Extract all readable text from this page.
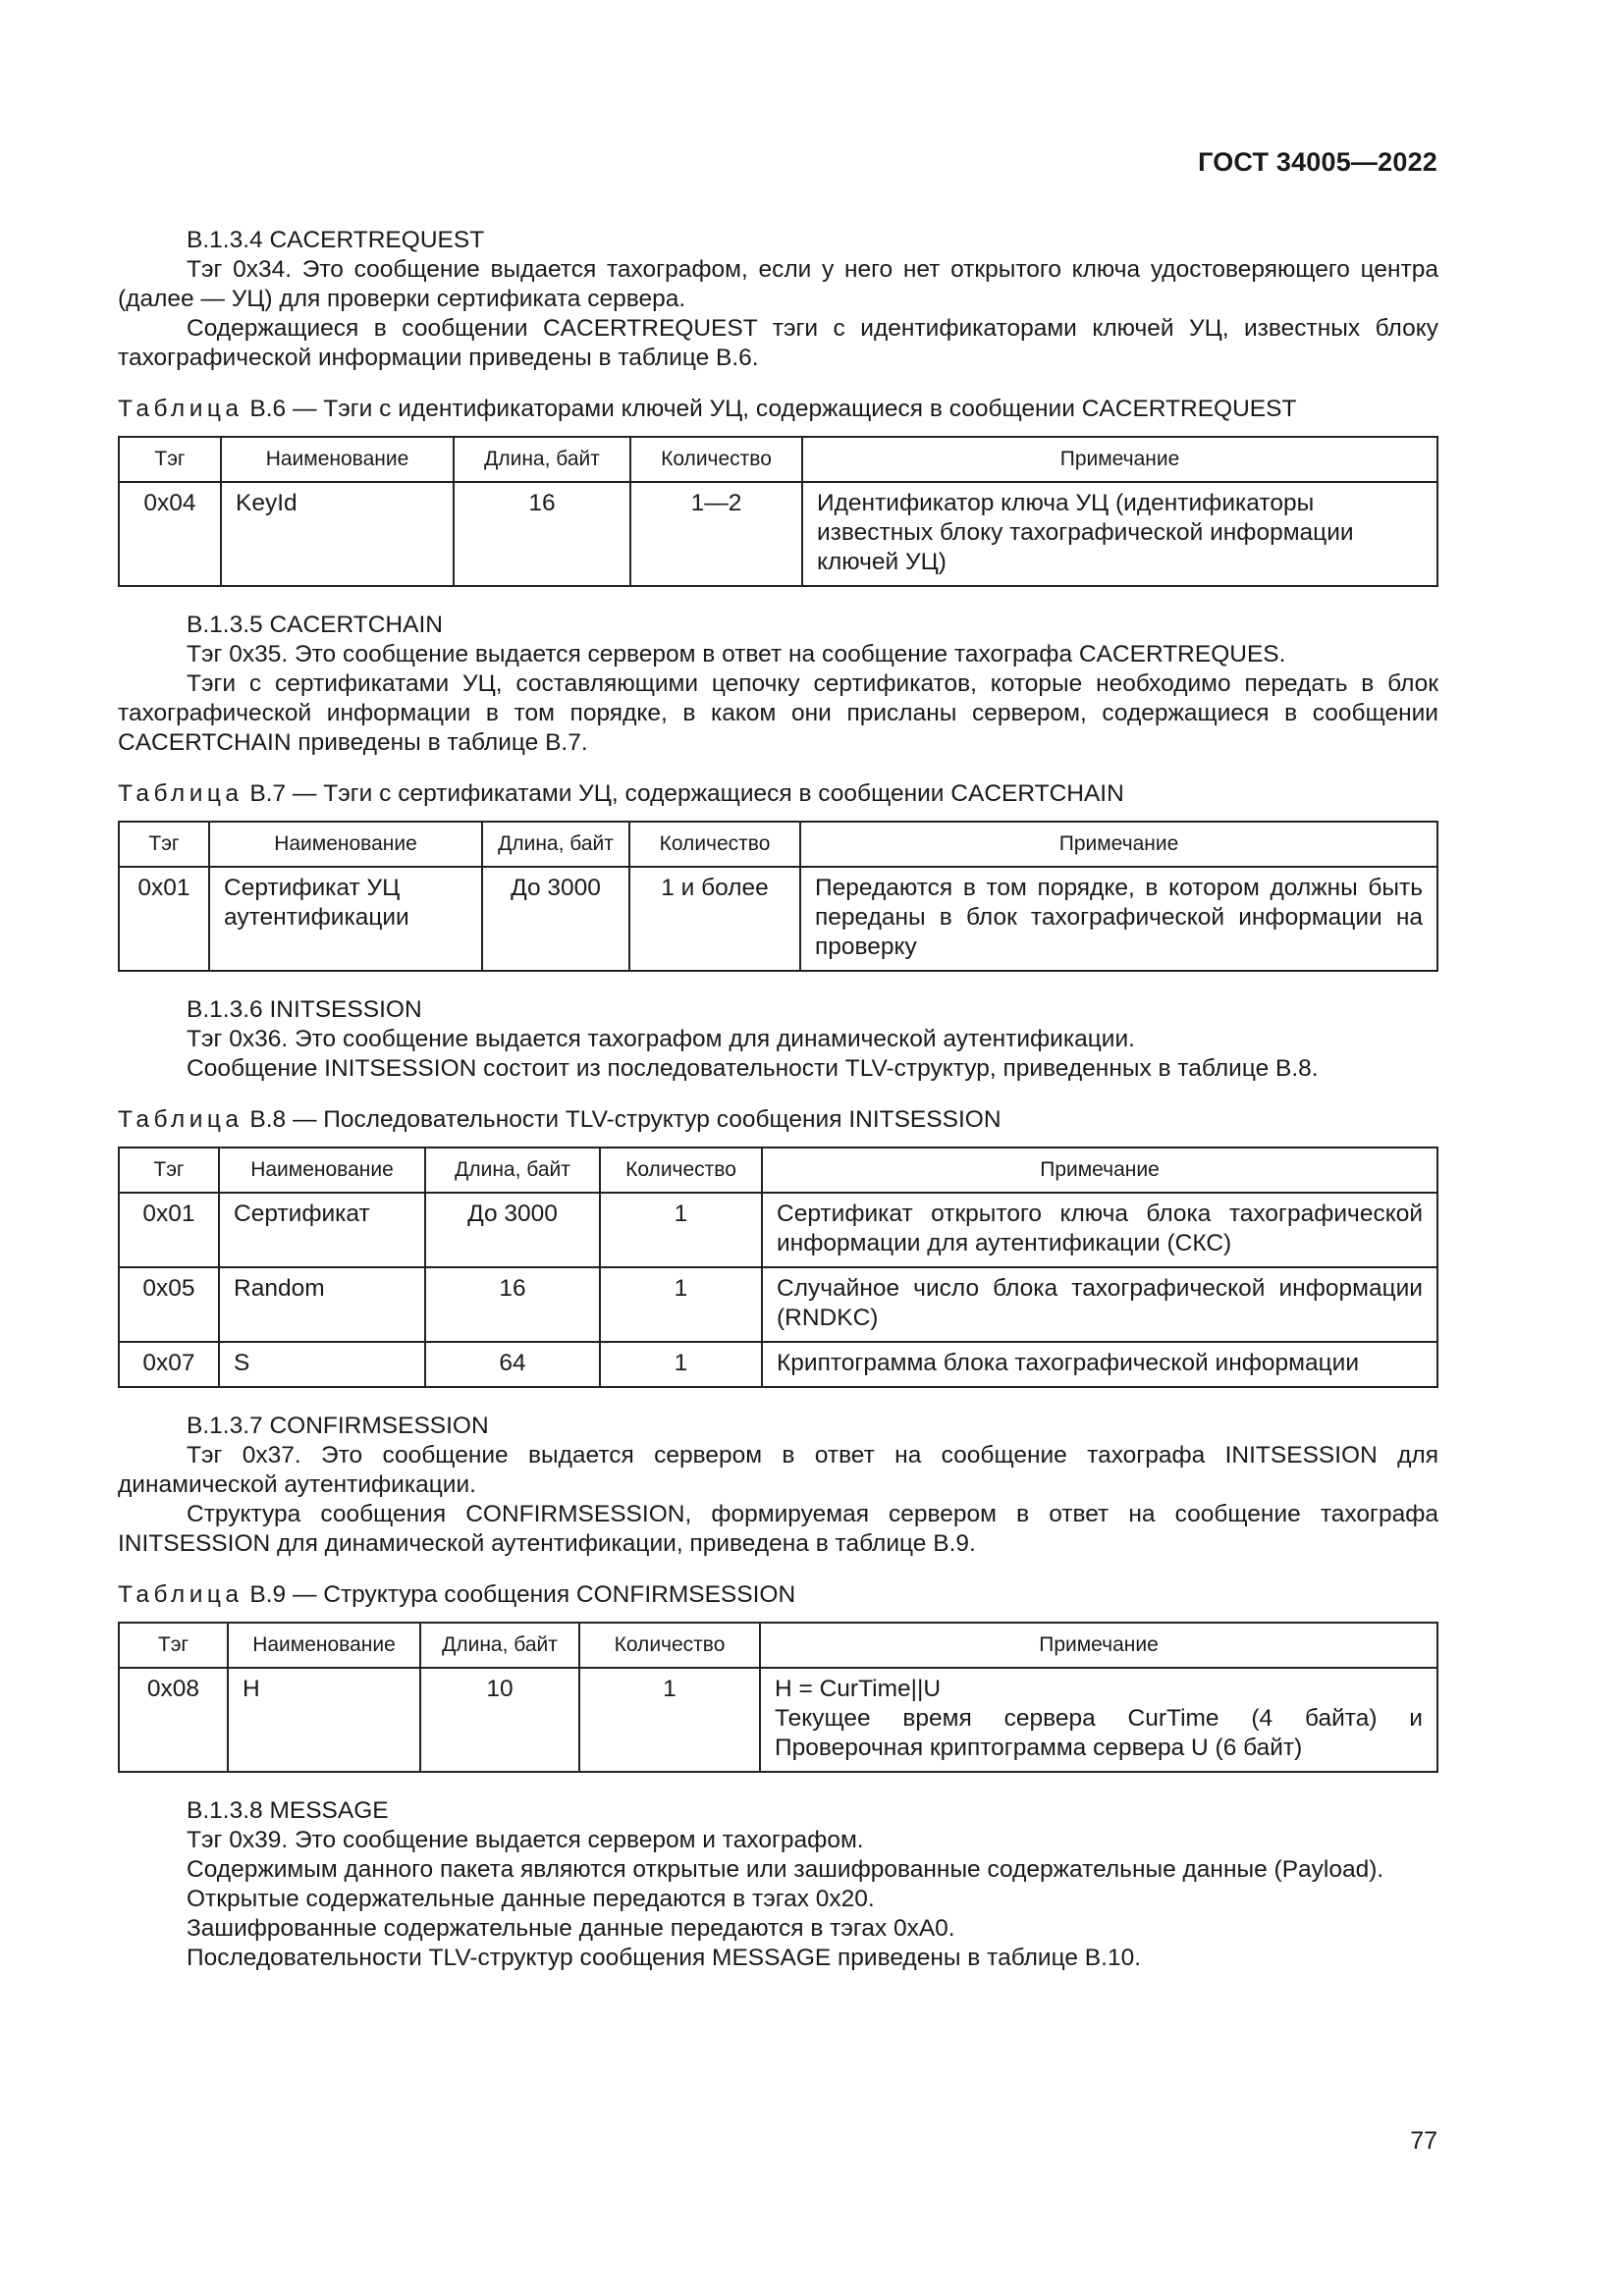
ГОСТ 34005—2022

В.1.3.4 CACERTREQUEST

Тэг 0x34. Это сообщение выдается тахографом, если у него нет открытого ключа удостоверяющего центра (далее — УЦ) для проверки сертификата сервера.

Содержащиеся в сообщении CACERTREQUEST тэги с идентификаторами ключей УЦ, известных блоку тахографической информации приведены в таблице В.6.

Таблица В.6 — Тэги с идентификаторами ключей УЦ, содержащиеся в сообщении CACERTREQUEST

Тэг	Наименование	Длина, байт	Количество	Примечание
0x04	KeyId	16	1—2	Идентификатор ключа УЦ (идентификаторы известных блоку тахографической информации ключей УЦ)

В.1.3.5 CACERTCHAIN

Тэг 0x35. Это сообщение выдается сервером в ответ на сообщение тахографа CACERTREQUES.

Тэги с сертификатами УЦ, составляющими цепочку сертификатов, которые необходимо передать в блок тахографической информации в том порядке, в каком они присланы сервером, содержащиеся в сообщении CACERTCHAIN приведены в таблице В.7.

Таблица В.7 — Тэги с сертификатами УЦ, содержащиеся в сообщении CACERTCHAIN

Тэг	Наименование	Длина, байт	Количество	Примечание
0x01	Сертификат УЦ аутентификации	До 3000	1 и более	Передаются в том порядке, в котором должны быть переданы в блок тахографической информации на проверку

В.1.3.6 INITSESSION

Тэг 0x36. Это сообщение выдается тахографом для динамической аутентификации.

Сообщение INITSESSION состоит из последовательности TLV-структур, приведенных в таблице В.8.

Таблица В.8 — Последовательности TLV-структур сообщения INITSESSION

Тэг	Наименование	Длина, байт	Количество	Примечание
0x01	Сертификат	До 3000	1	Сертификат открытого ключа блока тахографической информации для аутентификации (СКС)
0x05	Random	16	1	Случайное число блока тахографической информации (RNDKC)
0x07	S	64	1	Криптограмма блока тахографической информации

В.1.3.7 CONFIRMSESSION

Тэг 0x37. Это сообщение выдается сервером в ответ на сообщение тахографа INITSESSION для динамической аутентификации.

Структура сообщения CONFIRMSESSION, формируемая сервером в ответ на сообщение тахографа INITSESSION для динамической аутентификации, приведена в таблице В.9.

Таблица В.9 — Структура сообщения CONFIRMSESSION

Тэг	Наименование	Длина, байт	Количество	Примечание
0x08	H	10	1	H = CurTime||U
Текущее время сервера CurTime (4 байта) и Проверочная криптограмма сервера U (6 байт)

В.1.3.8 MESSAGE

Тэг 0x39. Это сообщение выдается сервером и тахографом.

Содержимым данного пакета являются открытые или зашифрованные содержательные данные (Payload).

Открытые содержательные данные передаются в тэгах 0x20.

Зашифрованные содержательные данные передаются в тэгах 0xA0.

Последовательности TLV-структур сообщения MESSAGE приведены в таблице В.10.

77
